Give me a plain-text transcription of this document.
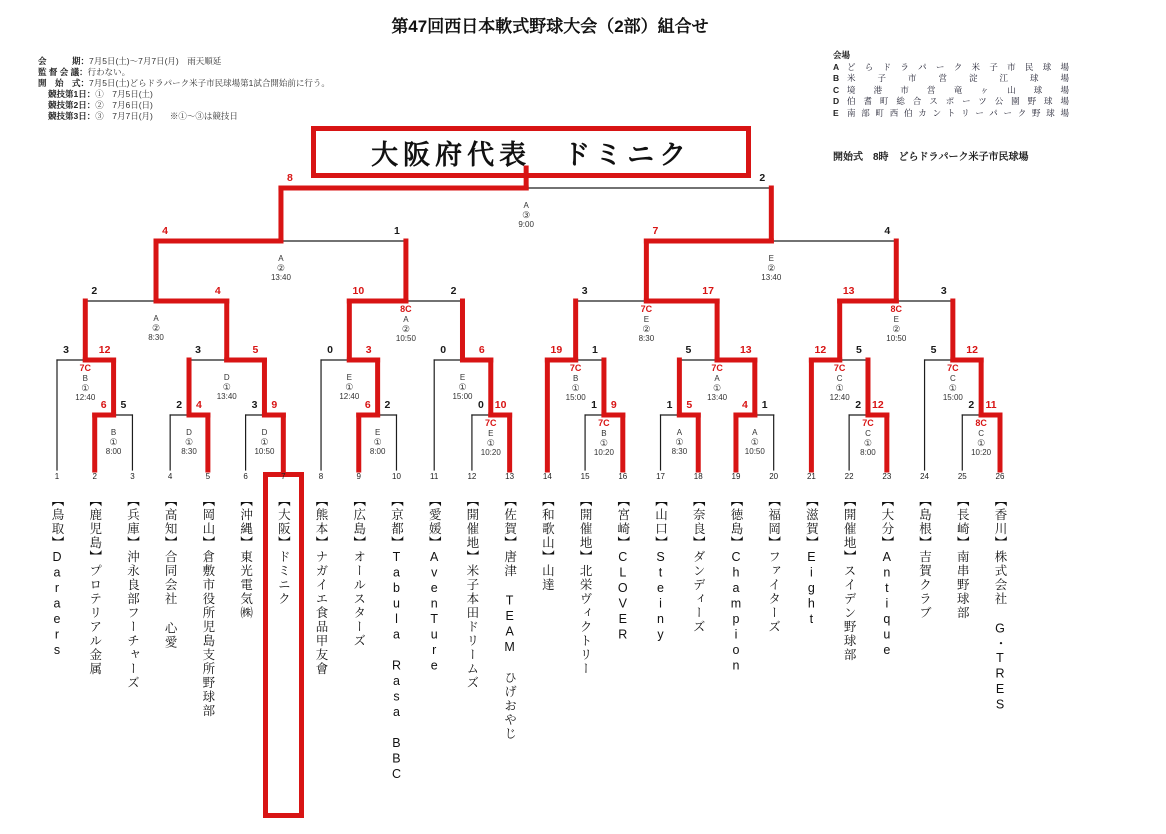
第47回西日本軟式野球大会（2部）組合せ
会　　　期：7月5日(土)～7月7日(月)　雨天順延
監 督 会 議：行わない。
開　始　式：7月5日(土)どらドラパーク米子市民球場第1試合開始前に行う。
競技第1日：①　7月5日(土)
競技第2日：②　7月6日(日)
競技第3日：③　7月7日(月)　　※①～③は競技日
会場
A どらドラパーク米子市民球場
B 米子市営淀江球場
C 境港市営竜ヶ山球場
D 伯耆町総合スポーツ公園野球場
E 南部町西伯カントリーパーク野球場
開始式　8時　どらドラパーク米子市民球場
大阪府代表　ドミニク
6 5
B
①
8:00
2 4
D
①
8:30
3 9
D
①
10:50
6 2
E
①
8:00
0 10
7C
E
①
10:20
1 9
7C
B
①
10:20
1 5
A
①
8:30
4 1
A
①
10:50
2 12
7C
C
①
8:00
2 11
8C
C
①
10:20
3	12
7C
B
①
12:40
3	5
D
①
13:40
0	3
E
①
12:40
0	6
E
①
15:00
19	1
7C
B
①
15:00
5	13
7C
A
①
13:40
12	5
7C
C
①
12:40
5	12
7C
C
①
15:00
2	4
A
②
8:30
10	2
8C
A
②
10:50
3	17
7C
E
②
8:30
13	3
8C
E
②
10:50
4	1
A
②
13:40
7	4
E
②
13:40
8	2
A
③
9:00
1
【鳥取】Daraers
2
【鹿児島】プロテリアル金属
3
【兵庫】沖永良部フーチャーズ
4
【高知】合同会社 心愛
5
【岡山】倉敷市役所児島支所野球部
6
【沖縄】東光電気㈱
7
【大阪】ドミニク
8
【熊本】ナガイエ食品甲友會
9
【広島】オールスターズ
10
【京都】Tabula Rasa BBC
11
【愛媛】AvenTure
12
【開催地】米子本田ドリームズ
13
【佐賀】唐津 TEAM ひげおやじ
14
【和歌山】山達
15
【開催地】北栄ヴィクトリー
16
【宮崎】CLOVER
17
【山口】Steiny
18
【奈良】ダンディーズ
19
【徳島】Champion
20
【福岡】ファイターズ
21
【滋賀】Eight
22
【開催地】スイデン野球部
23
【大分】Antique
24
【島根】吉賀クラブ
25
【長崎】南串野球部
26
【香川】株式会社 G・TRES
